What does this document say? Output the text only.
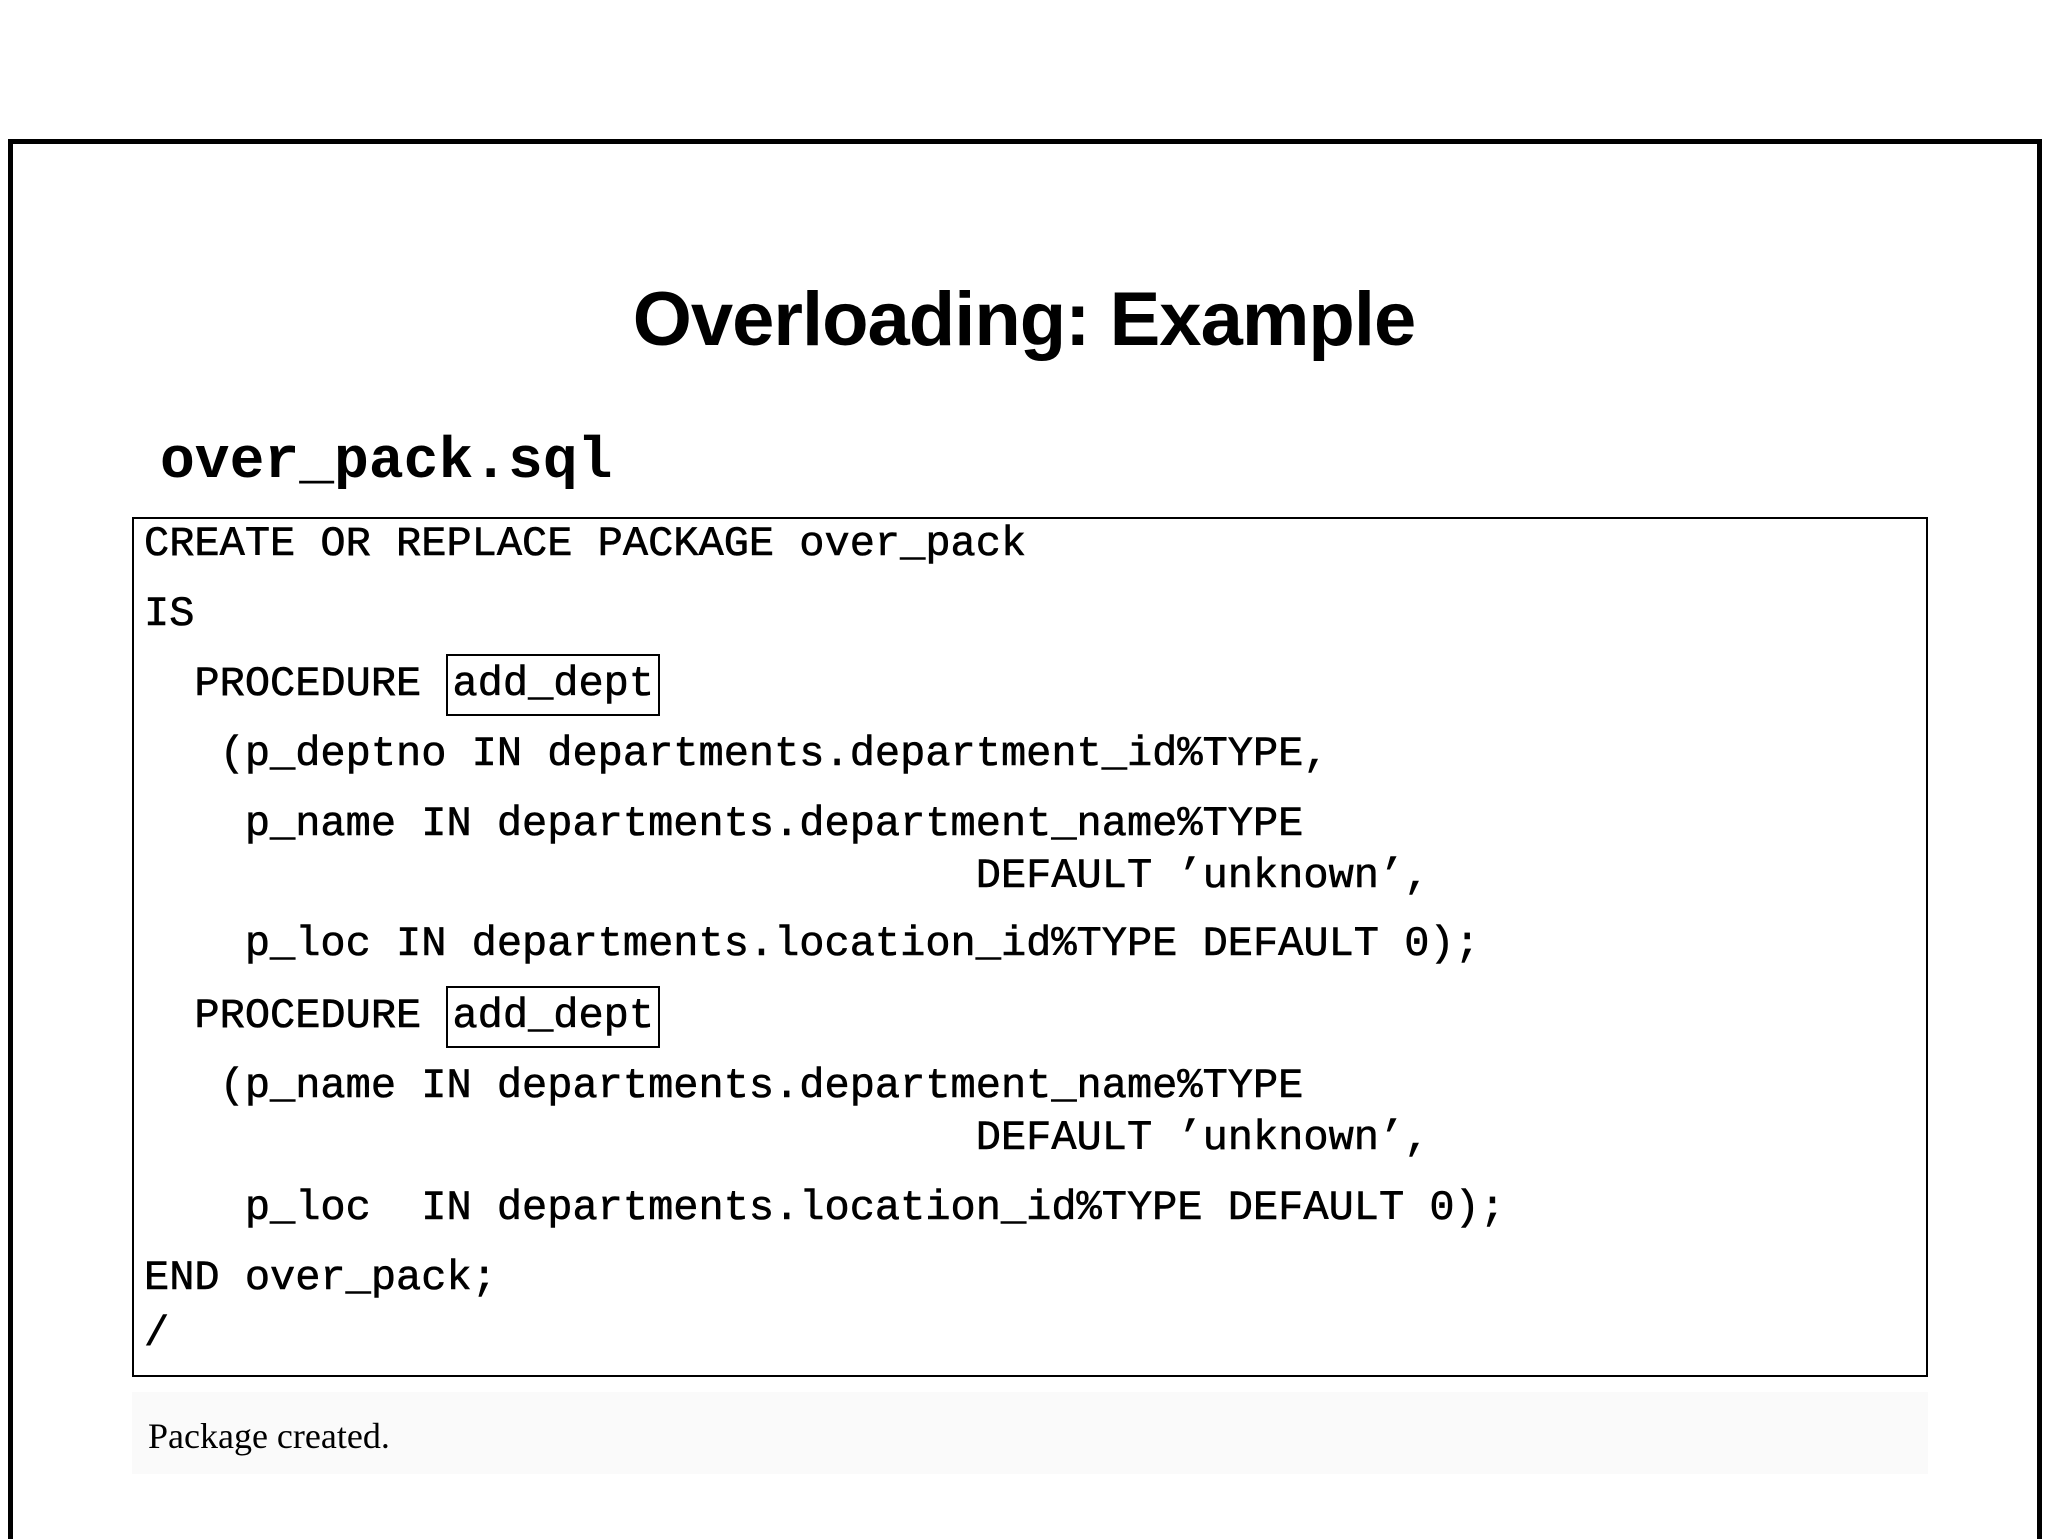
Overloading: Example
over_pack.sql
CREATE OR REPLACE PACKAGE over_pack
IS
PROCEDURE add_dept
(p_deptno IN departments.department_id%TYPE,
p_name IN departments.department_name%TYPE
DEFAULT ’unknown’,
p_loc IN departments.location_id%TYPE DEFAULT 0);
PROCEDURE add_dept
(p_name IN departments.department_name%TYPE
DEFAULT ’unknown’,
p_loc  IN departments.location_id%TYPE DEFAULT 0);
END over_pack;
/
Package created.
